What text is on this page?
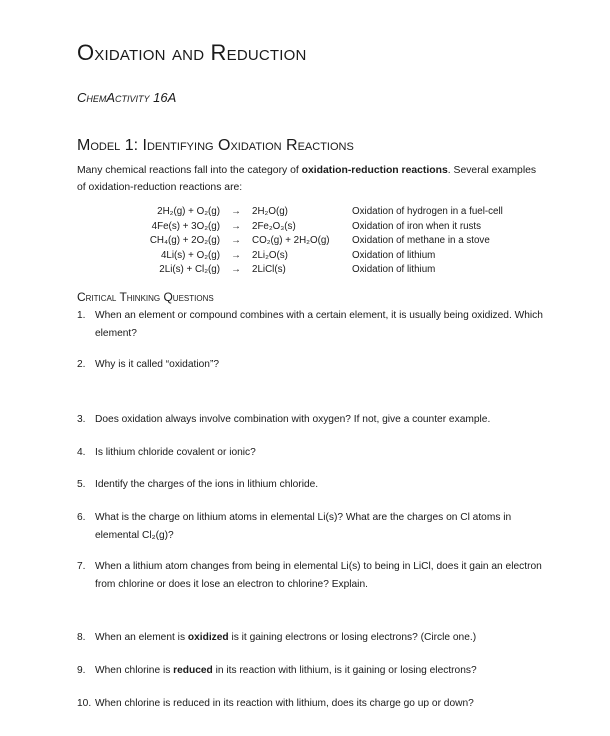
Oxidation and Reduction
ChemActivity 16A
Model 1: Identifying Oxidation Reactions
Many chemical reactions fall into the category of oxidation-reduction reactions. Several examples of oxidation-reduction reactions are:
2H₂(g) + O₂(g)	→	2H₂O(g)	Oxidation of hydrogen in a fuel-cell
4Fe(s) + 3O₂(g)	→	2Fe₂O₃(s)	Oxidation of iron when it rusts
CH₄(g) + 2O₂(g)	→	CO₂(g) + 2H₂O(g)	Oxidation of methane in a stove
4Li(s) + O₂(g)	→	2Li₂O(s)	Oxidation of lithium
2Li(s) + Cl₂(g)	→	2LiCl(s)	Oxidation of lithium
Critical Thinking Questions
1. When an element or compound combines with a certain element, it is usually being oxidized. Which element?
2. Why is it called “oxidation”?
3. Does oxidation always involve combination with oxygen? If not, give a counter example.
4. Is lithium chloride covalent or ionic?
5. Identify the charges of the ions in lithium chloride.
6. What is the charge on lithium atoms in elemental Li(s)? What are the charges on Cl atoms in elemental Cl₂(g)?
7. When a lithium atom changes from being in elemental Li(s) to being in LiCl, does it gain an electron from chlorine or does it lose an electron to chlorine? Explain.
8. When an element is oxidized is it gaining electrons or losing electrons? (Circle one.)
9. When chlorine is reduced in its reaction with lithium, is it gaining or losing electrons?
10. When chlorine is reduced in its reaction with lithium, does its charge go up or down?
